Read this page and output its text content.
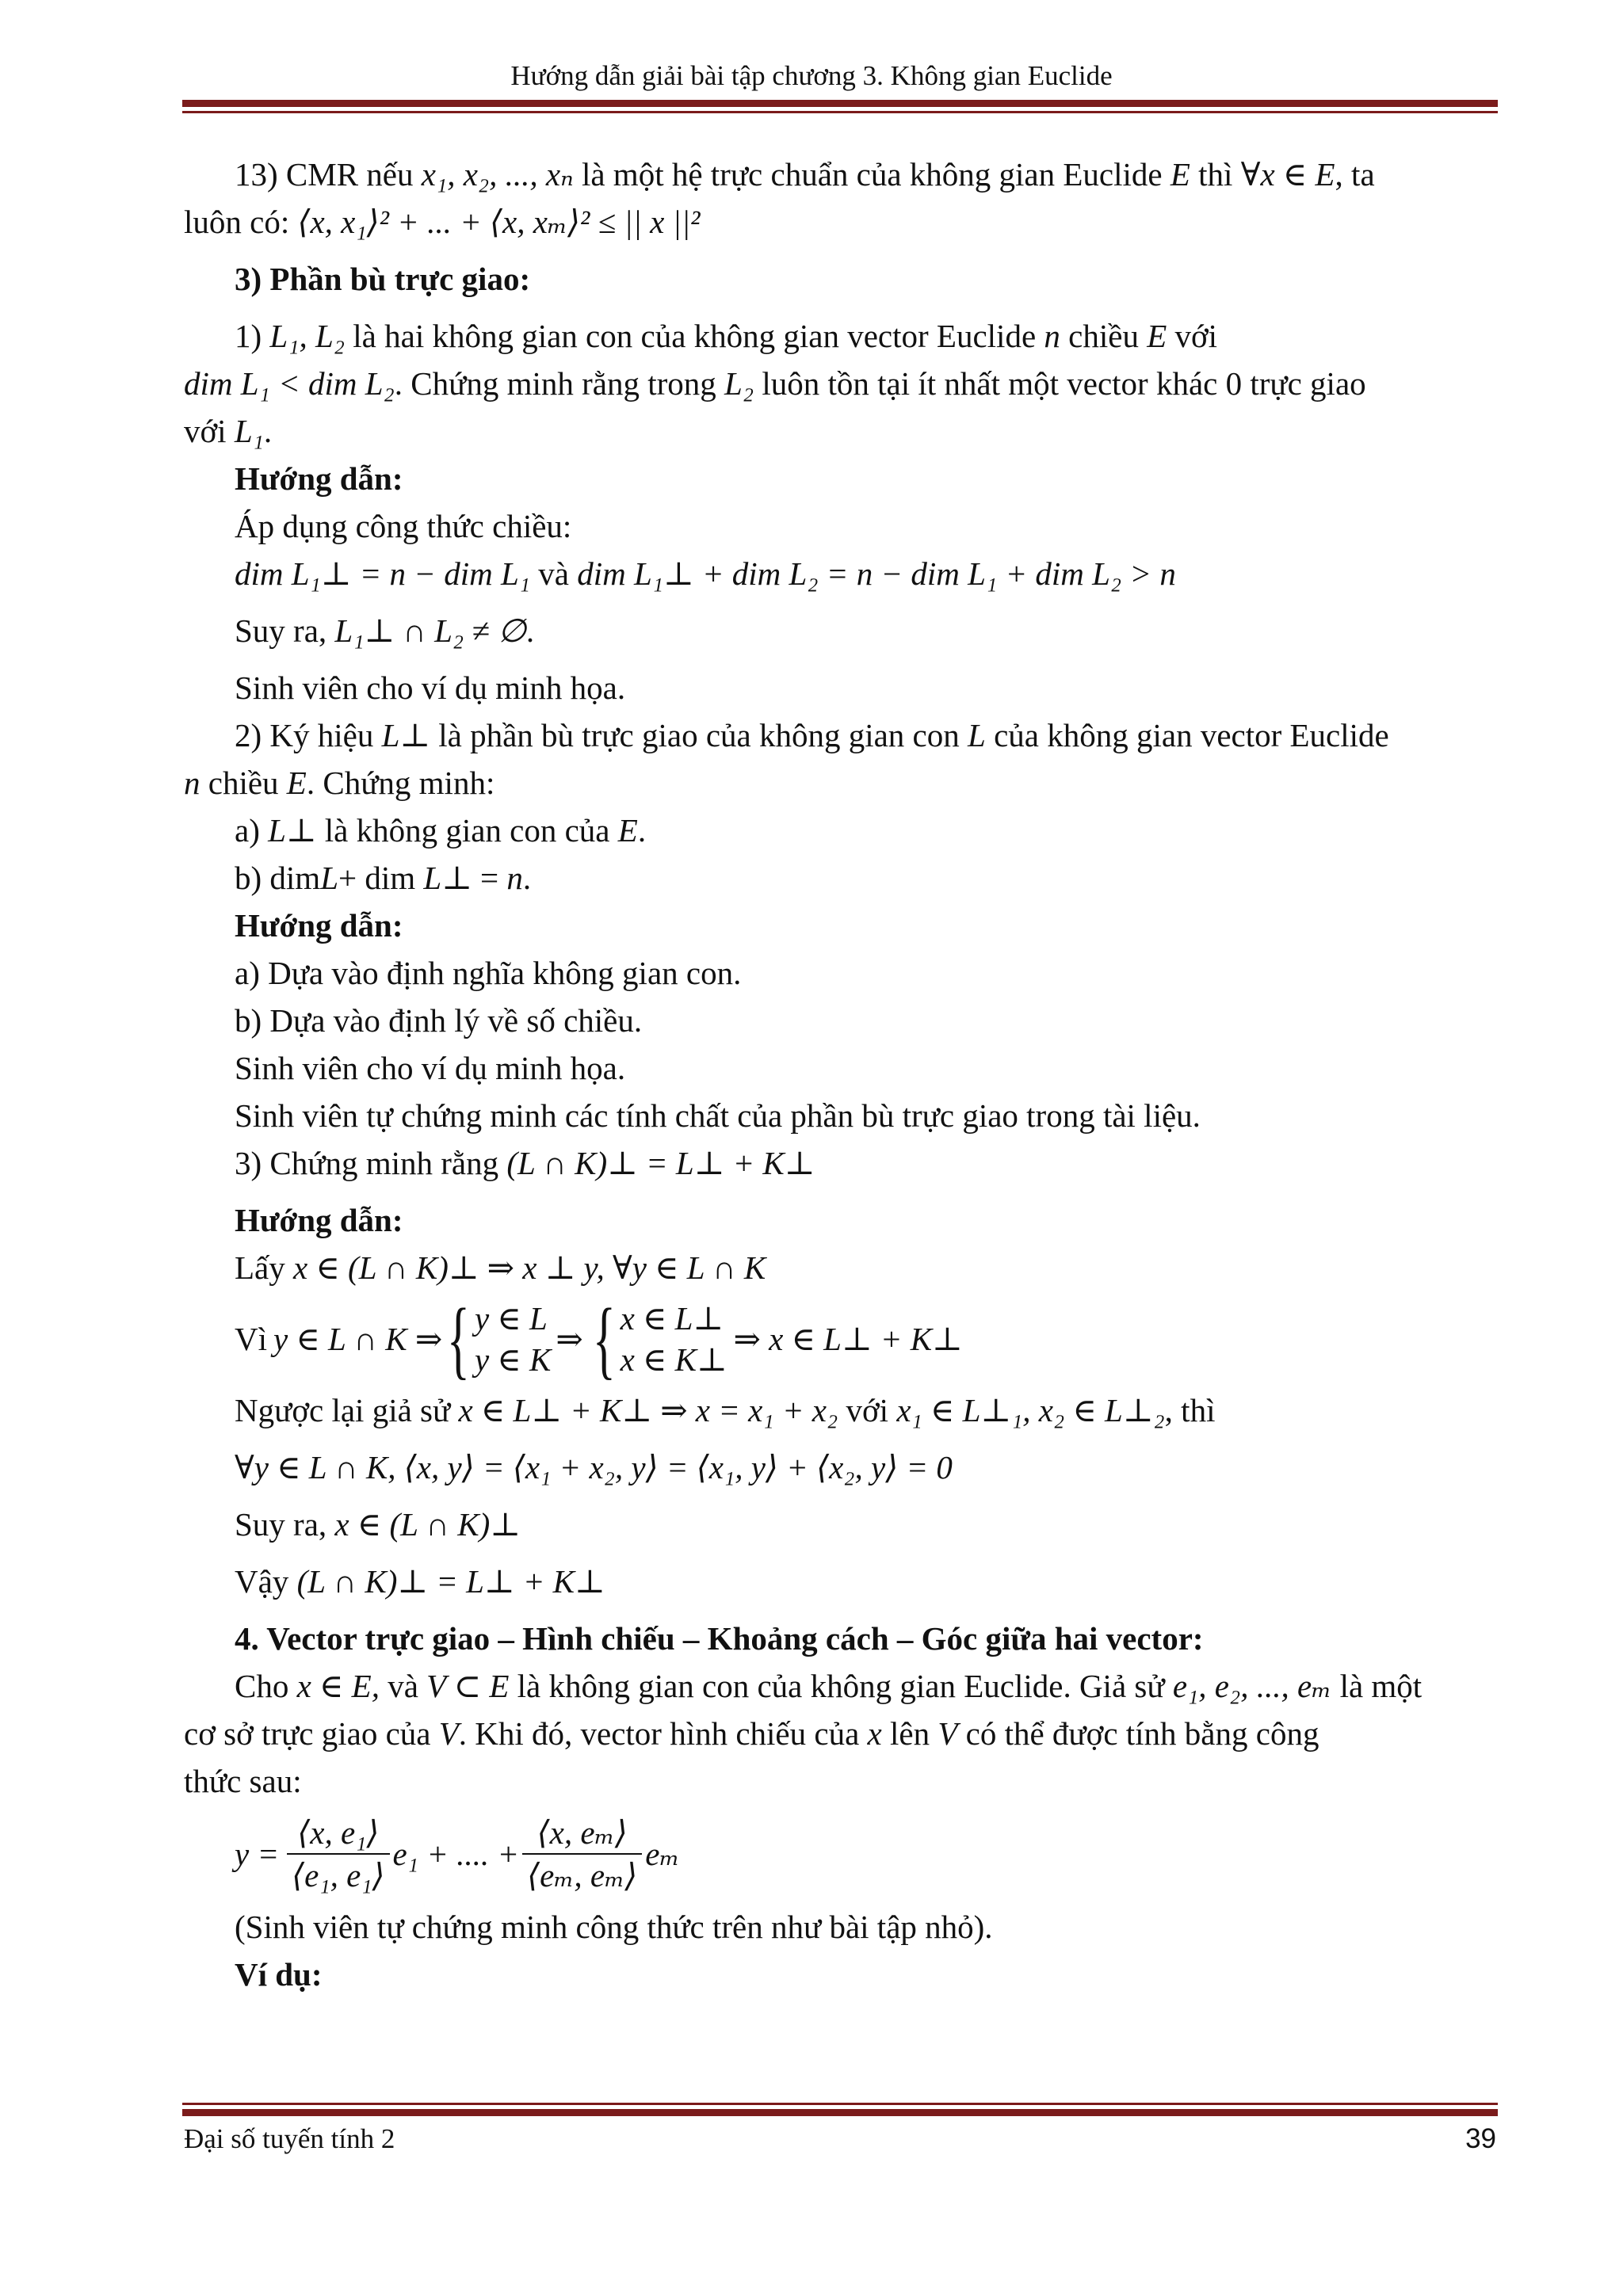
Hướng dẫn giải bài tập chương 3. Không gian Euclide

13) CMR nếu x₁, x₂, ..., xₙ là một hệ trực chuẩn của không gian Euclide E thì ∀x ∈ E, ta

luôn có: ⟨x, x₁⟩² + ... + ⟨x, xₘ⟩² ≤ || x ||²

3) Phần bù trực giao:

1) L₁, L₂ là hai không gian con của không gian vector Euclide n chiều E với

dim L₁ < dim L₂. Chứng minh rằng trong L₂ luôn tồn tại ít nhất một vector khác 0 trực giao

với L₁.

Hướng dẫn:

Áp dụng công thức chiều:

dim L₁⊥ = n − dim L₁ và dim L₁⊥ + dim L₂ = n − dim L₁ + dim L₂ > n

Suy ra, L₁⊥ ∩ L₂ ≠ ∅.

Sinh viên cho ví dụ minh họa.

2) Ký hiệu L⊥ là phần bù trực giao của không gian con L của không gian vector Euclide

n chiều E. Chứng minh:

a) L⊥ là không gian con của E.

b) dimL+ dim L⊥ = n.

Hướng dẫn:

a) Dựa vào định nghĩa không gian con.

b) Dựa vào định lý về số chiều.

Sinh viên cho ví dụ minh họa.

Sinh viên tự chứng minh các tính chất của phần bù trực giao trong tài liệu.

3) Chứng minh rằng (L ∩ K)⊥ = L⊥ + K⊥

Hướng dẫn:

Lấy x ∈ (L ∩ K)⊥ ⇒ x ⊥ y, ∀y ∈ L ∩ K

Vì y ∈ L ∩ K ⇒ { y ∈ L
y ∈ K
⇒ { x ∈ L⊥
x ∈ K⊥
⇒ x ∈ L⊥ + K⊥

Ngược lại giả sử x ∈ L⊥ + K⊥ ⇒ x = x₁ + x₂ với x₁ ∈ L⊥₁, x₂ ∈ L⊥₂, thì

∀y ∈ L ∩ K, ⟨x, y⟩ = ⟨x₁ + x₂, y⟩ = ⟨x₁, y⟩ + ⟨x₂, y⟩ = 0

Suy ra, x ∈ (L ∩ K)⊥

Vậy (L ∩ K)⊥ = L⊥ + K⊥

4. Vector trực giao – Hình chiếu – Khoảng cách – Góc giữa hai vector:

Cho x ∈ E, và V ⊂ E là không gian con của không gian Euclide. Giả sử e₁, e₂, ..., eₘ là một

cơ sở trực giao của V. Khi đó, vector hình chiếu của x lên V có thể được tính bằng công

thức sau:

$y = \frac{\text{⟨x, e₁⟩}}{\text{⟨e₁, e₁⟩}} e_1$ + .... + $\frac{\text{⟨x, eₘ⟩}}{\text{⟨eₘ, eₘ⟩}}$ eₘ

(Sinh viên tự chứng minh công thức trên như bài tập nhỏ).

Ví dụ:

Đại số tuyến tính 2	39
